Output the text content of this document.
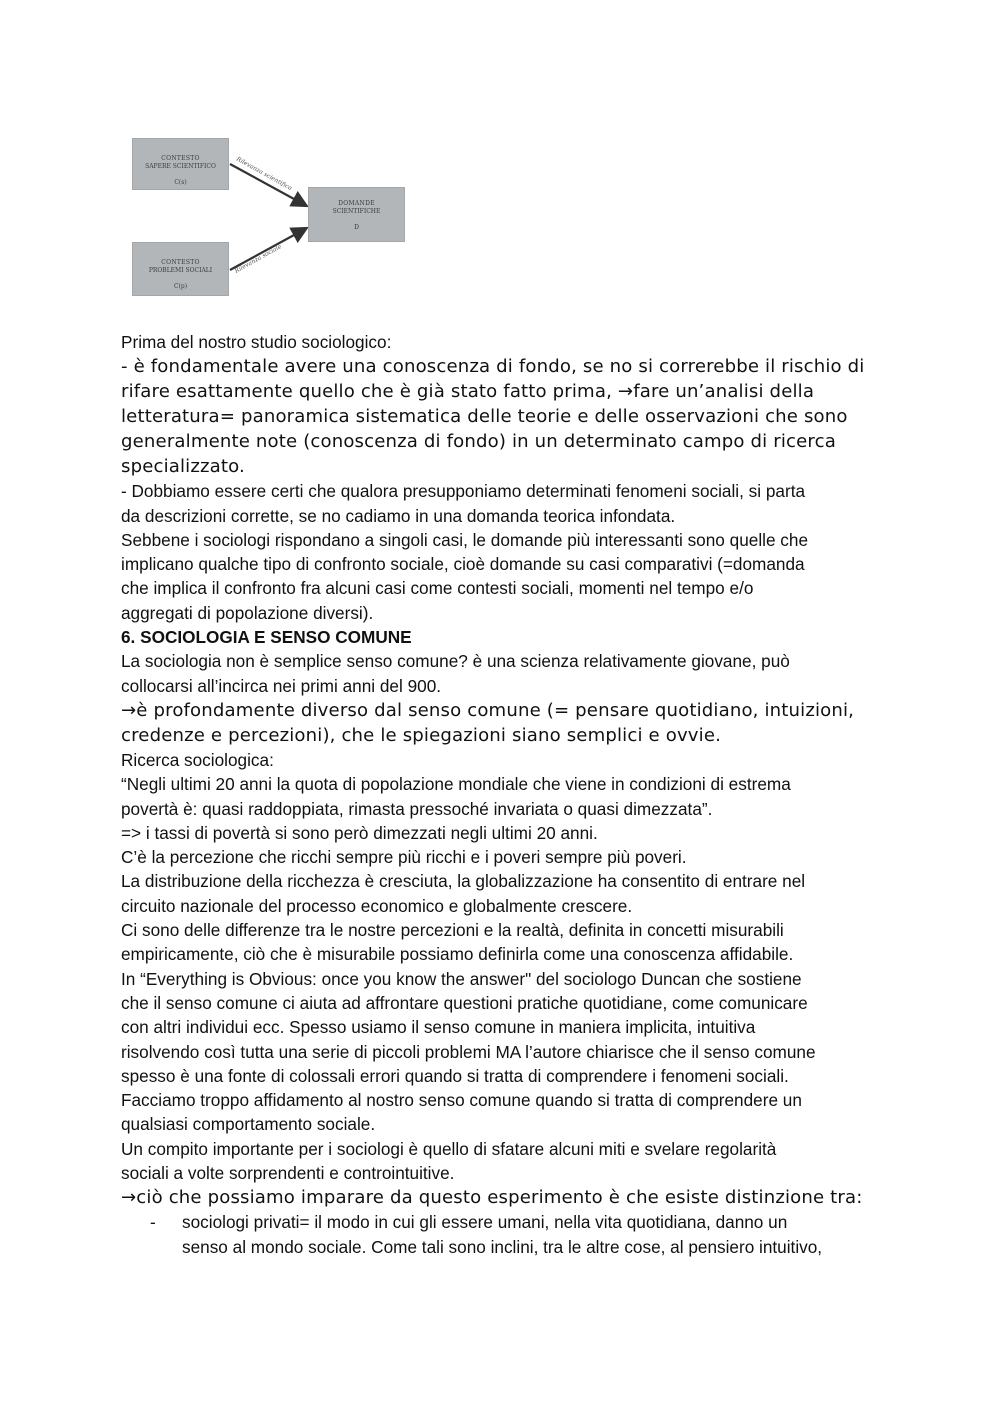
Rilevanza scientifica
Rilevanza sociale
CONTESTO
SAPERE SCIENTIFICO
C(s)
CONTESTO
PROBLEMI SOCIALI
C(p)
DOMANDE
SCIENTIFICHE
D

Prima del nostro studio sociologico:

- è fondamentale avere una conoscenza di fondo, se no si correrebbe il rischio di

rifare esattamente quello che è già stato fatto prima, →fare un’analisi della

letteratura= panoramica sistematica delle teorie e delle osservazioni che sono

generalmente note (conoscenza di fondo) in un determinato campo di ricerca

specializzato.

- Dobbiamo essere certi che qualora presupponiamo determinati fenomeni sociali, si parta

da descrizioni corrette, se no cadiamo in una domanda teorica infondata.

Sebbene i sociologi rispondano a singoli casi, le domande più interessanti sono quelle che

implicano qualche tipo di confronto sociale, cioè domande su casi comparativi (=domanda

che implica il confronto fra alcuni casi come contesti sociali, momenti nel tempo e/o

aggregati di popolazione diversi).

6. SOCIOLOGIA E SENSO COMUNE

La sociologia non è semplice senso comune? è una scienza relativamente giovane, può

collocarsi all’incirca nei primi anni del 900.

→è profondamente diverso dal senso comune (= pensare quotidiano, intuizioni,

credenze e percezioni), che le spiegazioni siano semplici e ovvie.

Ricerca sociologica:

“Negli ultimi 20 anni la quota di popolazione mondiale che viene in condizioni di estrema

povertà è: quasi raddoppiata, rimasta pressoché invariata o quasi dimezzata”.

=> i tassi di povertà si sono però dimezzati negli ultimi 20 anni.

C’è la percezione che ricchi sempre più ricchi e i poveri sempre più poveri.

La distribuzione della ricchezza è cresciuta, la globalizzazione ha consentito di entrare nel

circuito nazionale del processo economico e globalmente crescere.

Ci sono delle differenze tra le nostre percezioni e la realtà, definita in concetti misurabili

empiricamente, ciò che è misurabile possiamo definirla come una conoscenza affidabile.

In “Everything is Obvious: once you know the answer" del sociologo Duncan che sostiene

che il senso comune ci aiuta ad affrontare questioni pratiche quotidiane, come comunicare

con altri individui ecc. Spesso usiamo il senso comune in maniera implicita, intuitiva

risolvendo così tutta una serie di piccoli problemi MA l’autore chiarisce che il senso comune

spesso è una fonte di colossali errori quando si tratta di comprendere i fenomeni sociali.

Facciamo troppo affidamento al nostro senso comune quando si tratta di comprendere un

qualsiasi comportamento sociale.

Un compito importante per i sociologi è quello di sfatare alcuni miti e svelare regolarità

sociali a volte sorprendenti e controintuitive.

→ciò che possiamo imparare da questo esperimento è che esiste distinzione tra:

- sociologi privati= il modo in cui gli essere umani, nella vita quotidiana, danno un

senso al mondo sociale. Come tali sono inclini, tra le altre cose, al pensiero intuitivo,
